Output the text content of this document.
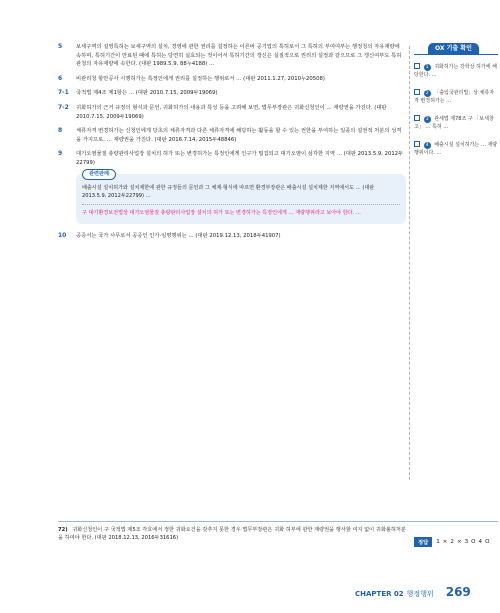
5	보세구역의 설영특허는 보세구역의 설치, 경영에 관한 권리를 설정하는 이른바 공기업의 특허로서 그 특허의 부여여부는 행정청의 자유재량에 속하며, 특허기간이 만료된 때에 특허는 당연히 실효되는 것이어서 특허기간의 갱신은 실질적으로 권리의 설정과 같으므로 그 갱신여부도 특허관청의 자유재량에 속한다. (대판 1989.5.9, 88누4188) …
6	비관리청 항만공사 시행허가는 특정인에게 권리를 설정하는 행위로서 … (대판 2011.1.27, 2010누20508)
7-1 국적법 제4조 제1항은 … (대판 2010.7.15, 2009두19069)
7-2 귀화허가의 근거 규정의 형식과 문언, 귀화허가의 내용과 특성 등을 고려해 보면, 법무부장관은 귀화신청인이 … 재량권을 가진다. (대판 2010.7.15, 2009두19069)
8	체류자격 변경허가는 신청인에게 당초의 체류자격과 다른 체류자격에 해당하는 활동을 할 수 있는 권한을 부여하는 일종의 설권적 처분의 성격을 가지므로, … 재량권을 가진다. (대판 2016.7.14, 2015두48846)
9	대기오염물질 총량관리사업장 설치의 허가 또는 변경허가는 특정인에게 인구가 밀집되고 대기오염이 심각한 지역 … (대판 2013.5.9, 2012두22799)
관련판례
배출시설 설치허가와 설치제한에 관한 규정들의 문언과 그 체제·형식에 따르면 환경부장관은 배출시설 설치제한 지역에서도 … (대판 2013.5.9, 2012두22799) …
구 대기환경보전법상 대기오염물질 총량관리사업장 설치의 허가 또는 변경허가는 특정인에게 … 재량행위라고 보아야 한다. …
10 공증서는 국가 사무로서 공증인 인가·임명행위는 … (대판 2019.12.13, 2018두41907)
OX 기출 확인
1 귀화허가는 강학상 허가에 해당한다. …
2 「출입국관리법」상 체류자격 변경허가는 …
3 관세법 제78조 구 「보세창고」 … 특허 …
4 배출시설 설치허가는 … 재량행위이다. …
72) 귀화신청인이 구 국적법 제5조 각호에서 정한 귀화요건을 갖추지 못한 경우 법무부장관은 귀화 허부에 관한 재량권을 행사할 여지 없이 귀화불허처분을 하여야 한다. (대판 2018.12.13, 2016두31616)
정답	1 × 2 × 3 O 4 O
CHAPTER 02 행정행위 269
